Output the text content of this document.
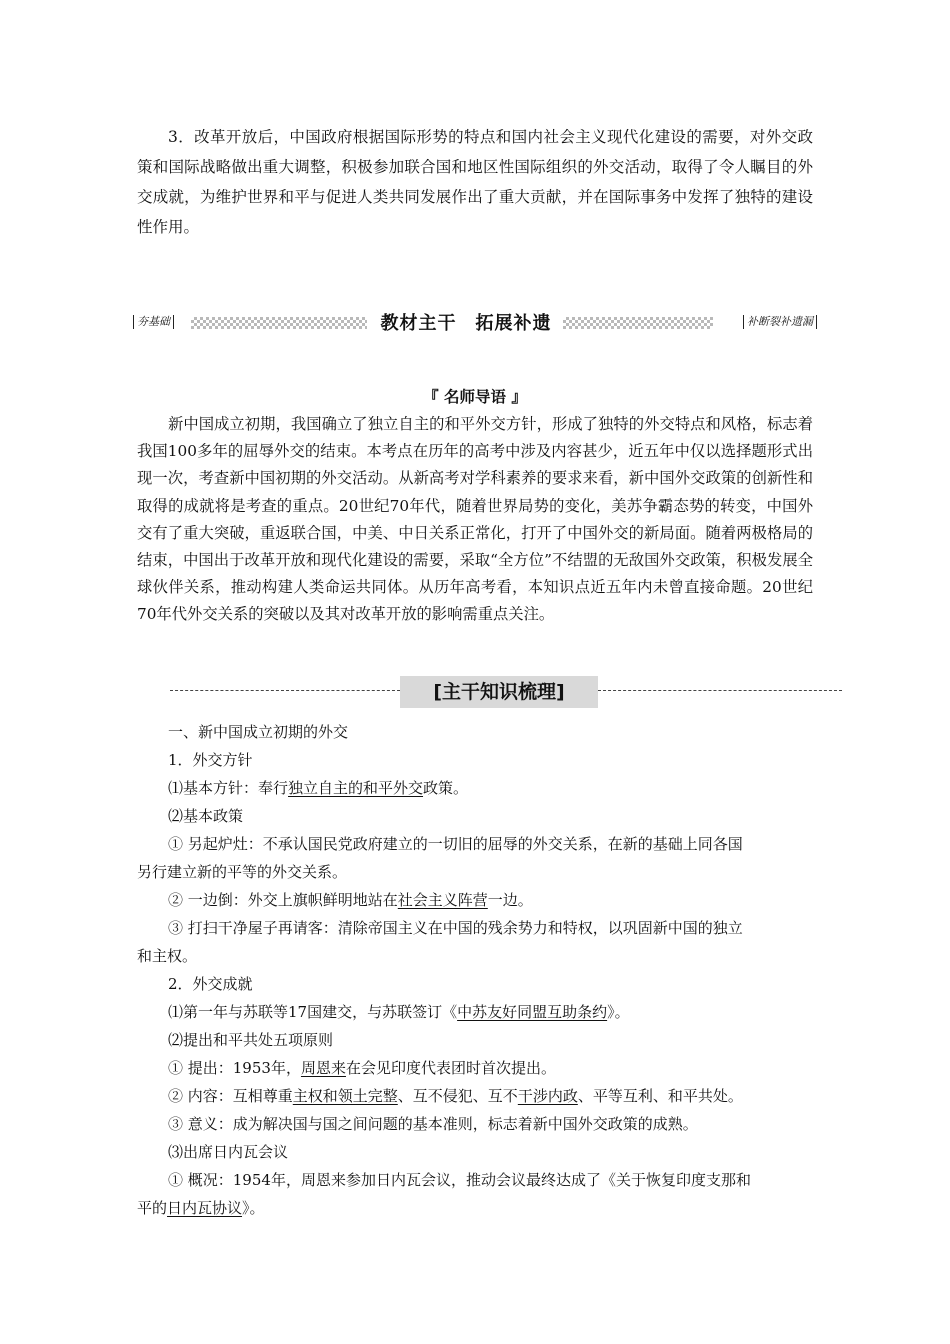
3．改革开放后，中国政府根据国际形势的特点和国内社会主义现代化建设的需要，对外交政策和国际战略做出重大调整，积极参加联合国和地区性国际组织的外交活动，取得了令人瞩目的外交成就，为维护世界和平与促进人类共同发展作出了重大贡献，并在国际事务中发挥了独特的建设性作用。

夯基础	教材主干　拓展补遗	补断裂补遗漏
『 名师导语 』

新中国成立初期，我国确立了独立自主的和平外交方针，形成了独特的外交特点和风格，标志着我国100多年的屈辱外交的结束。本考点在历年的高考中涉及内容甚少，近五年中仅以选择题形式出现一次，考查新中国初期的外交活动。从新高考对学科素养的要求来看，新中国外交政策的创新性和取得的成就将是考查的重点。20世纪70年代，随着世界局势的变化，美苏争霸态势的转变，中国外交有了重大突破，重返联合国，中美、中日关系正常化，打开了中国外交的新局面。随着两极格局的结束，中国出于改革开放和现代化建设的需要，采取“全方位”不结盟的无敌国外交政策，积极发展全球伙伴关系，推动构建人类命运共同体。从历年高考看，本知识点近五年内未曾直接命题。20世纪70年代外交关系的突破以及其对改革开放的影响需重点关注。

[主干知识梳理]

一、新中国成立初期的外交

1．外交方针

⑴基本方针：奉行独立自主的和平外交政策。

⑵基本政策

① 另起炉灶：不承认国民党政府建立的一切旧的屈辱的外交关系，在新的基础上同各国

另行建立新的平等的外交关系。

② 一边倒：外交上旗帜鲜明地站在社会主义阵营一边。

③ 打扫干净屋子再请客：清除帝国主义在中国的残余势力和特权，以巩固新中国的独立

和主权。

2．外交成就

⑴第一年与苏联等17国建交，与苏联签订《中苏友好同盟互助条约》。

⑵提出和平共处五项原则

① 提出：1953年，周恩来在会见印度代表团时首次提出。

② 内容：互相尊重主权和领土完整、互不侵犯、互不干涉内政、平等互利、和平共处。

③ 意义：成为解决国与国之间问题的基本准则，标志着新中国外交政策的成熟。

⑶出席日内瓦会议

① 概况：1954年，周恩来参加日内瓦会议，推动会议最终达成了《关于恢复印度支那和

平的日内瓦协议》。
